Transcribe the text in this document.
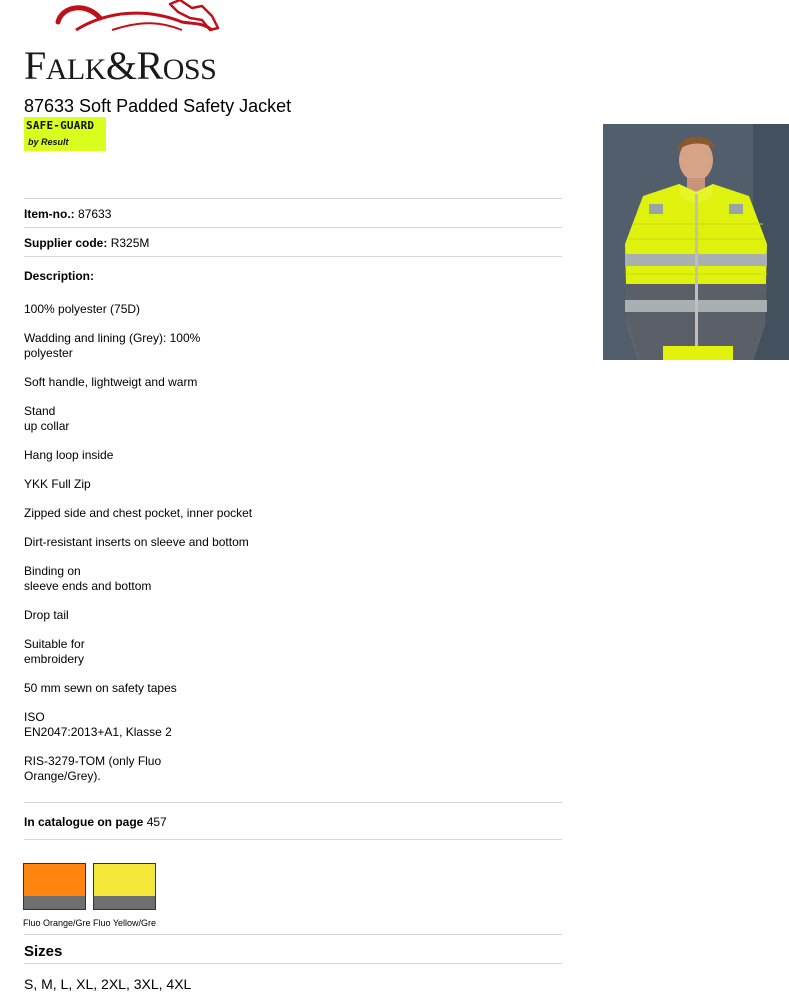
FALK&ROSS
87633 Soft Padded Safety Jacket
SAFE-GUARD
by Result
Item-no.: 87633
Supplier code: R325M
Description:

100% polyester (75D)

Wadding and lining (Grey): 100%

polyester

Soft handle, lightweigt and warm

Stand

up collar

Hang loop inside

YKK Full Zip

Zipped side and chest pocket, inner pocket

Dirt-resistant inserts on sleeve and bottom

Binding on

sleeve ends and bottom

Drop tail

Suitable for

embroidery

50 mm sewn on safety tapes

ISO

EN2047:2013+A1, Klasse 2

RIS-3279-TOM (only Fluo

Orange/Grey).

In catalogue on page 457
Fluo Orange/Gre Fluo Yellow/Gre
Sizes
S, M, L, XL, 2XL, 3XL, 4XL
